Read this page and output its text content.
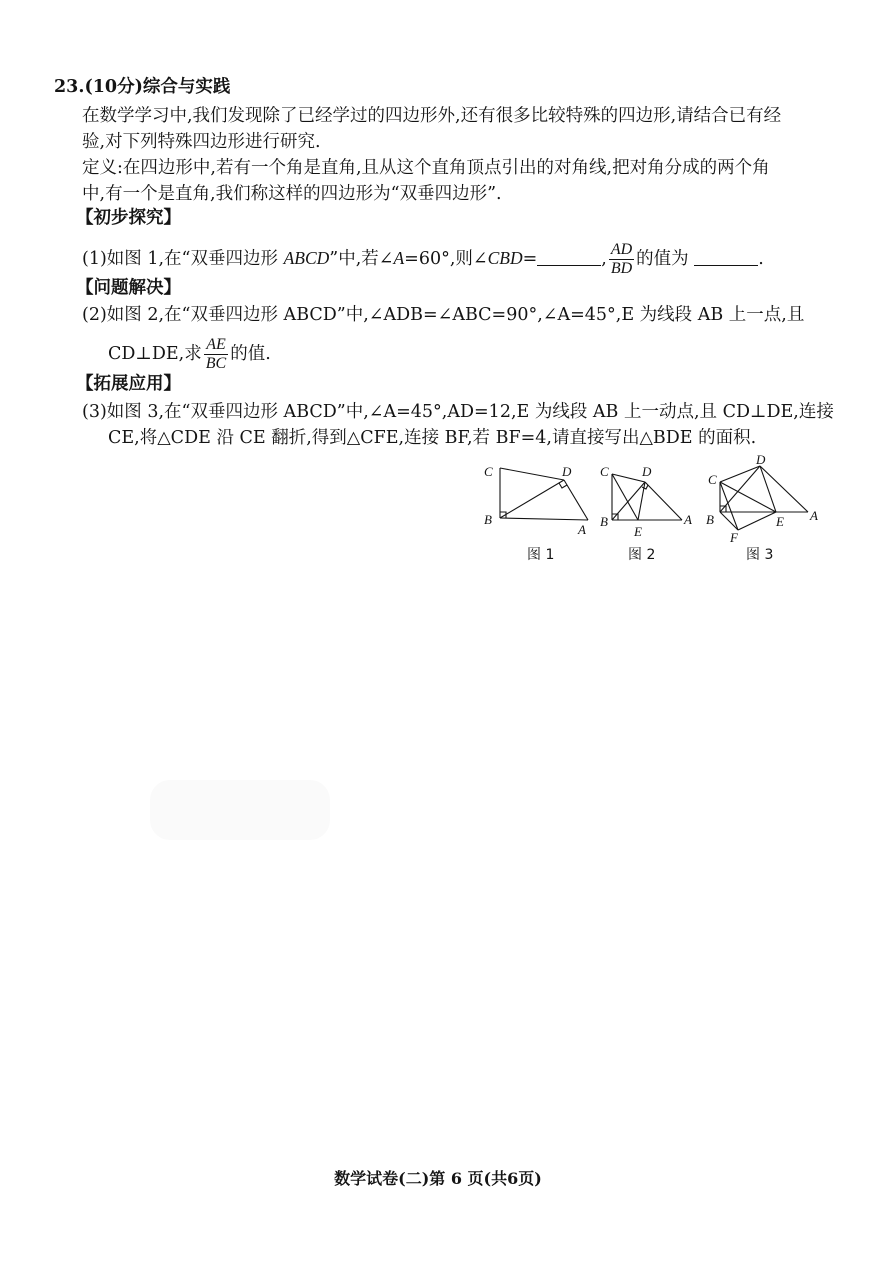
23.(10分)综合与实践
在数学学习中,我们发现除了已经学过的四边形外,还有很多比较特殊的四边形,请结合已有经
验,对下列特殊四边形进行研究.
定义:在四边形中,若有一个角是直角,且从这个直角顶点引出的对角线,把对角分成的两个角
中,有一个是直角,我们称这样的四边形为“双垂四边形”.
【初步探究】
(1)如图 1,在“双垂四边形 ABCD”中,若∠A=60°,则∠CBD=	, $\frac{AD}{BD}$ 的值为	.
【问题解决】
(2)如图 2,在“双垂四边形 ABCD”中,∠ADB=∠ABC=90°,∠A=45°,E 为线段 AB 上一点,且
CD⊥DE,求 $\frac{AE}{BC}$ 的值.
【拓展应用】
(3)如图 3,在“双垂四边形 ABCD”中,∠A=45°,AD=12,E 为线段 AB 上一动点,且 CD⊥DE,连接
CE,将△CDE 沿 CE 翻折,得到△CFE,连接 BF,若 BF=4,请直接写出△BDE 的面积.
C	D
B
A
C	D
B
E
A
D
C
B	E A
F
图 1	图 2	图 3
数学试卷(二)第 6 页(共6页)
